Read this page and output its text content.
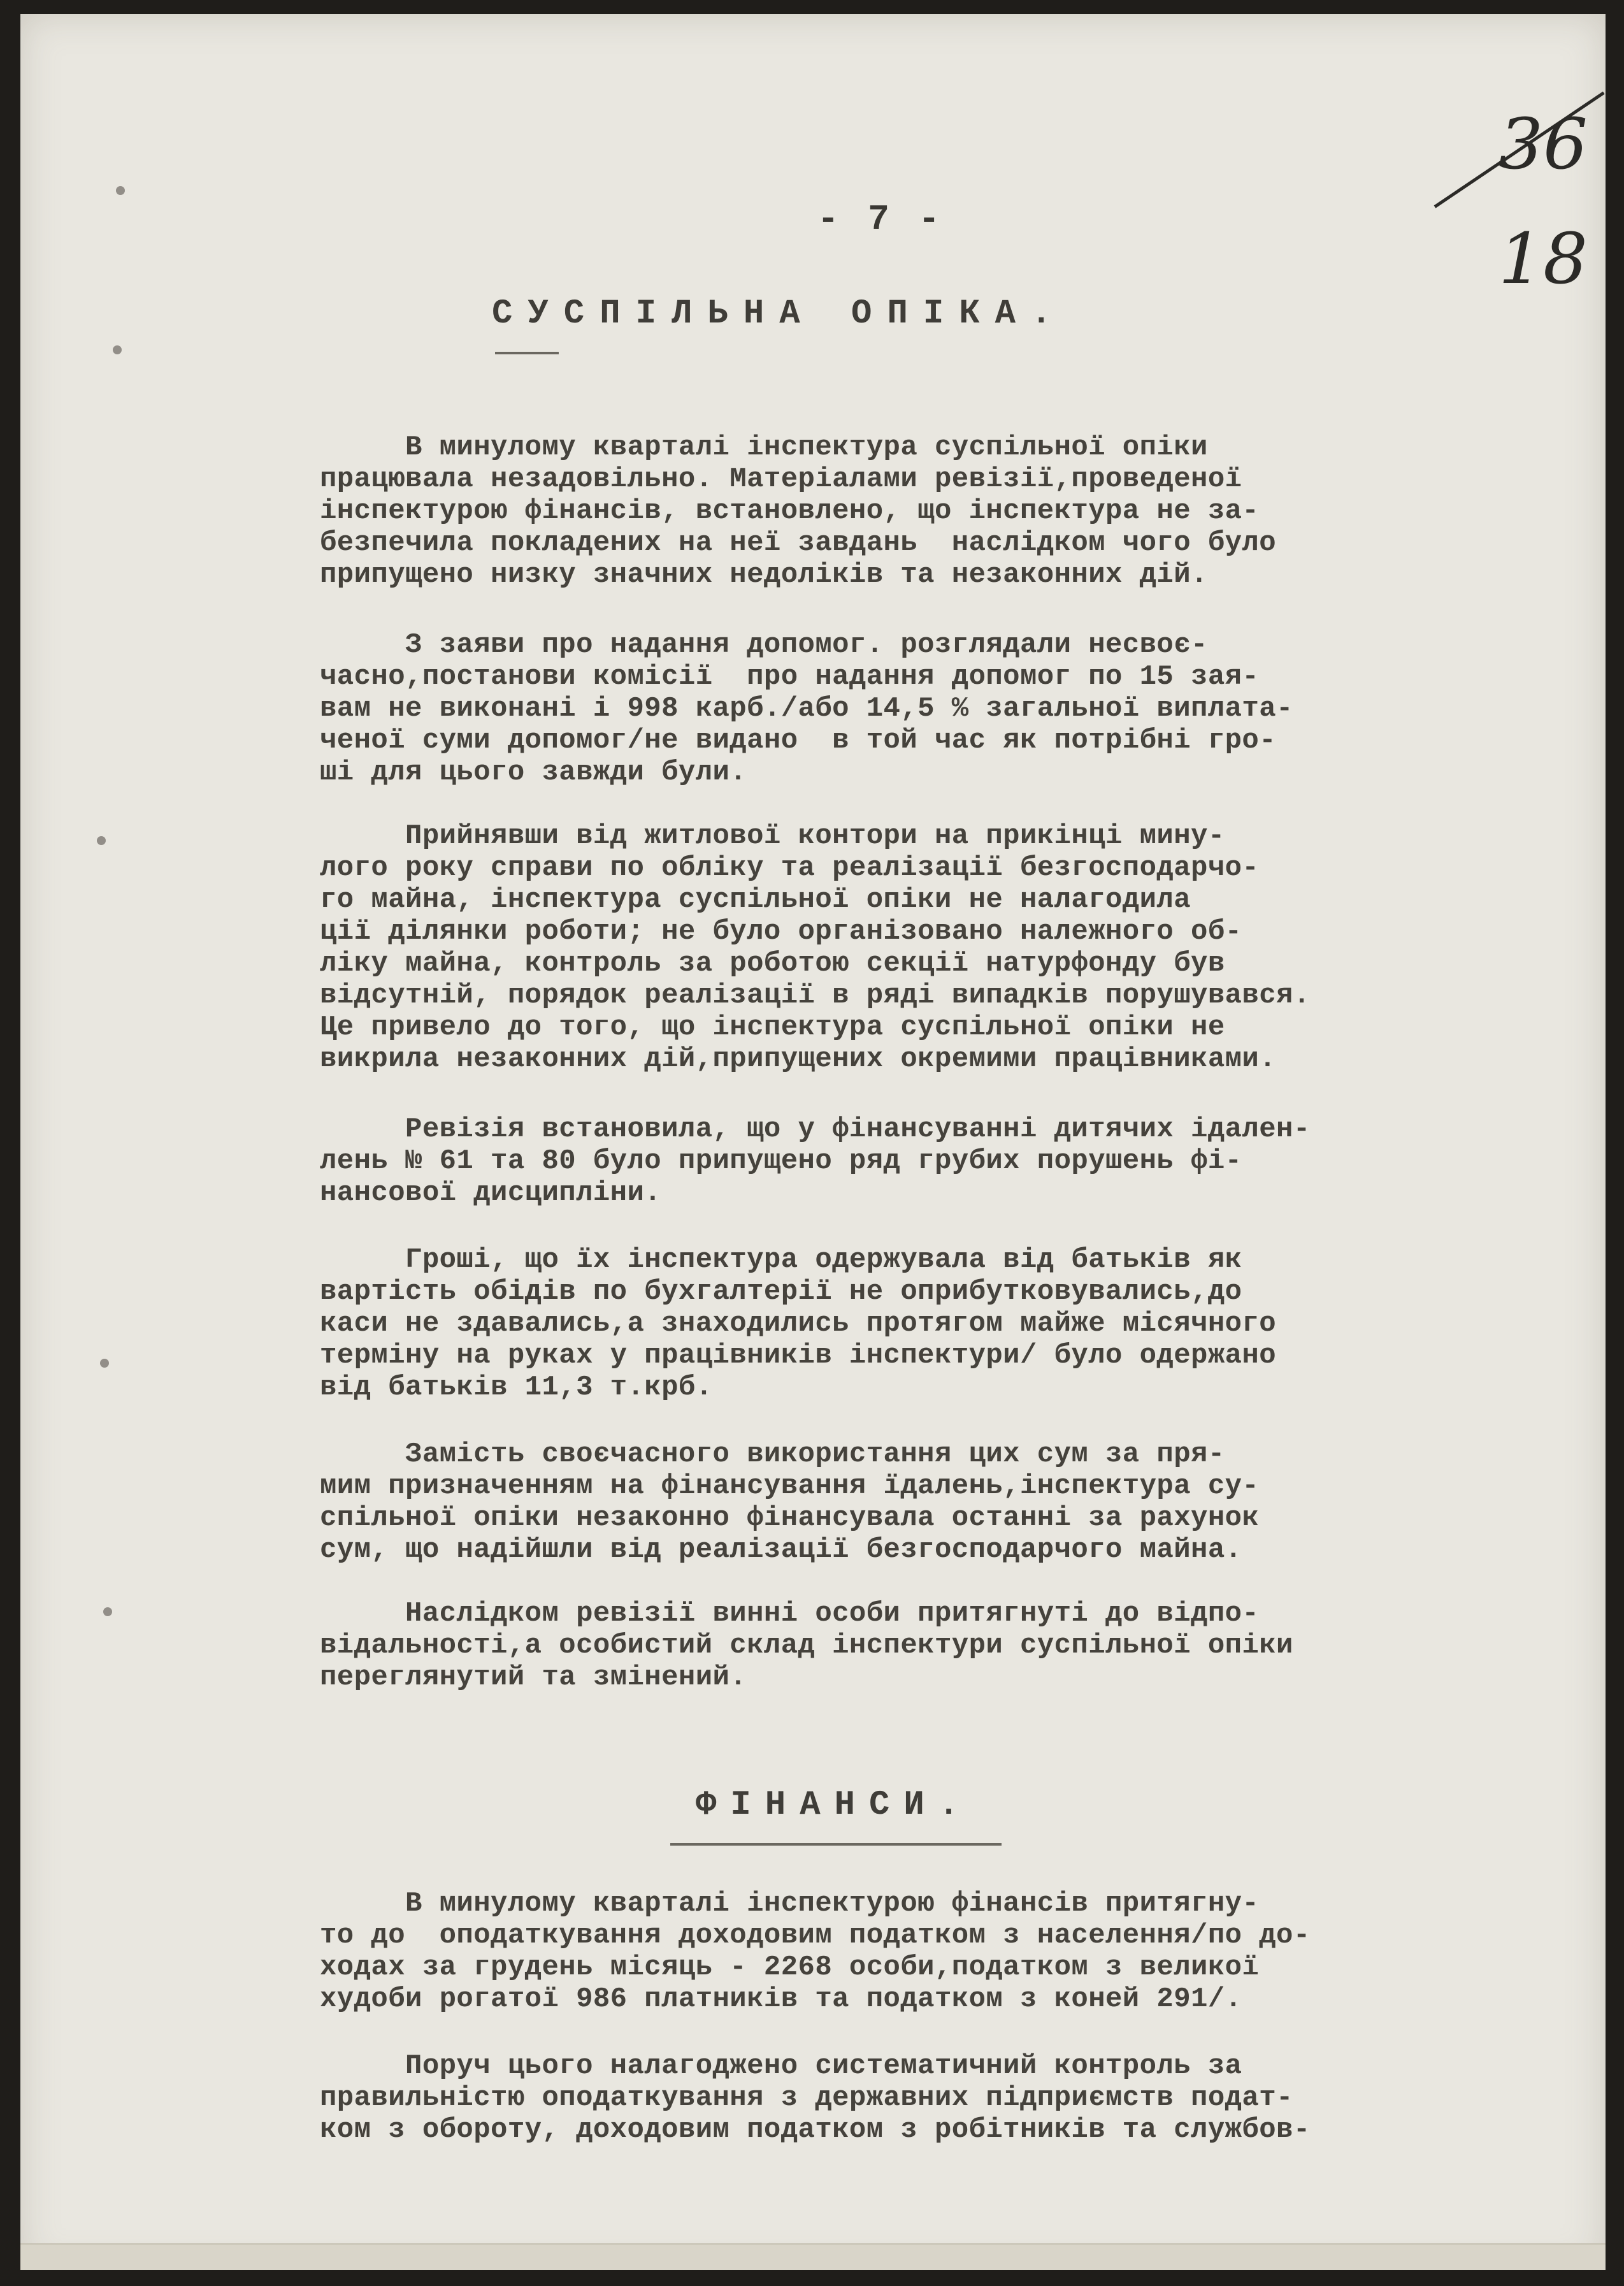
- 7 -
36
18
СУСПІЛЬНА ОПІКА.
В минулому кварталі інспектура суспільної опіки
працювала незадовільно. Матеріалами ревізії,проведеної
інспектурою фінансів, встановлено, що інспектура не за-
безпечила покладених на неї завдань  наслідком чого було
припущено низку значних недоліків та незаконних дій.
З заяви про надання допомог. розглядали несвоє-
часно,постанови комісії  про надання допомог по 15 зая-
вам не виконані і 998 карб./або 14,5 % загальної виплата-
ченої суми допомог/не видано  в той час як потрібні гро-
ші для цього завжди були.
Прийнявши від житлової контори на прикінці мину-
лого року справи по обліку та реалізації безгосподарчо-
го майна, інспектура суспільної опіки не налагодила
ції ділянки роботи; не було організовано належного об-
ліку майна, контроль за роботою секції натурфонду був
відсутній, порядок реалізації в ряді випадків порушувався.
Це привело до того, що інспектура суспільної опіки не
викрила незаконних дій,припущених окремими працівниками.
Ревізія встановила, що у фінансуванні дитячих ідален-
лень № 61 та 80 було припущено ряд грубих порушень фі-
нансової дисципліни.
Гроші, що їх інспектура одержувала від батьків як
вартість обідів по бухгалтерії не оприбутковувались,до
каси не здавались,а знаходились протягом майже місячного
терміну на руках у працівників інспектури/ було одержано
від батьків 11,3 т.крб.
Замість своєчасного використання цих сум за пря-
мим призначенням на фінансування їдалень,інспектура су-
спільної опіки незаконно фінансувала останні за рахунок
сум, що надійшли від реалізації безгосподарчого майна.
Наслідком ревізії винні особи притягнуті до відпо-
відальності,а особистий склад інспектури суспільної опіки
переглянутий та змінений.
ФІНАНСИ.
В минулому кварталі інспектурою фінансів притягну-
то до  оподаткування доходовим податком з населення/по до-
ходах за грудень місяць - 2268 особи,податком з великої
худоби рогатої 986 платників та податком з коней 291/.
Поруч цього налагоджено систематичний контроль за
правильністю оподаткування з державних підприємств подат-
ком з обороту, доходовим податком з робітників та службов-
